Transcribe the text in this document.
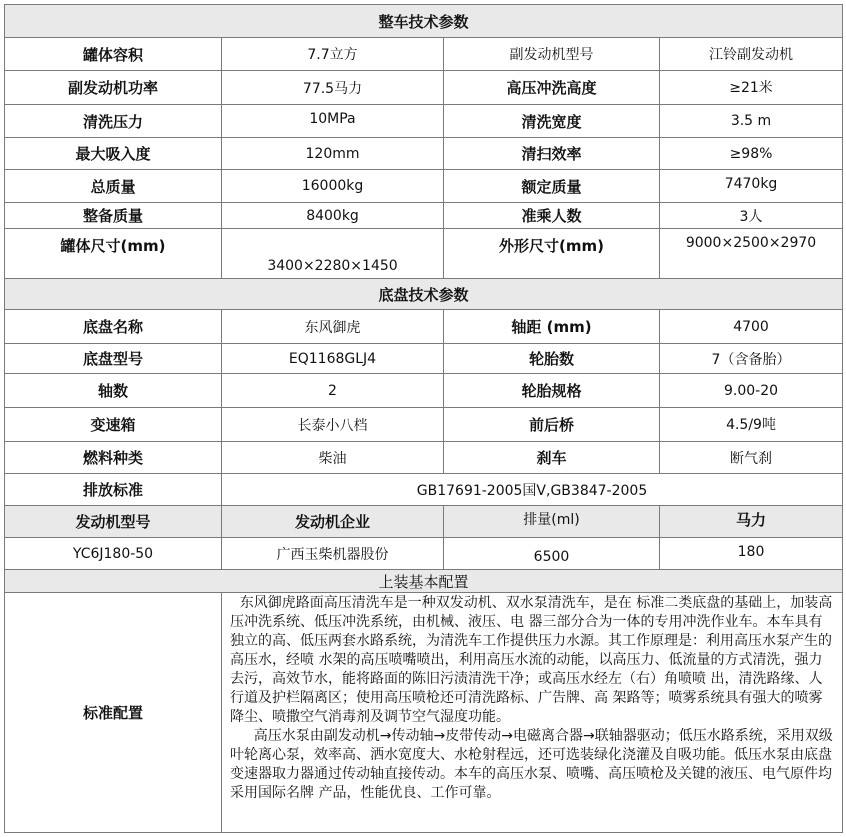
整车技术参数			
罐体容积	7.7立方	副发动机型号	江铃副发动机
副发动机功率	77.5马力	高压冲洗高度	≥21米
清洗压力	10MPa	清洗宽度	3.5 m
最大吸入度	120mm	清扫效率	≥98%
总质量	16000kg	额定质量	7470kg
整备质量	8400kg	准乘人数	3人
罐体尺寸(mm)	3400×2280×1450	外形尺寸(mm)	9000×2500×2970
底盘技术参数			
底盘名称	东风御虎	轴距 (mm)	4700
底盘型号	EQ1168GLJ4	轮胎数	7（含备胎）
轴数	2	轮胎规格	9.00-20
变速箱	长泰小八档	前后桥	4.5/9吨
燃料种类	柴油	刹车	断气刹
排放标准	GB17691-2005国Ⅴ,GB3847-2005		
发动机型号	发动机企业	排量(ml)	马力
YC6J180-50	广西玉柴机器股份	6500	180
上装基本配置			
标准配置	东风御虎路面高压清洗车是一种双发动机、双水泵清洗车，是在 标准二类底盘的基础上，加装高压冲洗系统、低压冲洗系统，由机械、液压、电 器三部分合为一体的专用冲洗作业车。本车具有独立的高、低压两套水路系统，为清洗车工作提供压力水源。其工作原理是：利用高压水泵产生的高压水，经喷 水架的高压喷嘴喷出，利用高压水流的动能，以高压力、低流量的方式清洗，强力去污，高效节水，能将路面的陈旧污渍清洗干净；或高压水经左（右）角喷喷 出，清洗路缘、人行道及护栏隔离区；使用高压喷枪还可清洗路标、广告牌、高 架路等；喷雾系统具有强大的喷雾降尘、喷撒空气消毒剂及调节空气湿度功能。

高压水泵由副发动机→传动轴→皮带传动→电磁离合器→联轴器驱动；低压水路系统，采用双级叶轮离心泵，效率高、洒水宽度大、水枪射程远，还可选装绿化浇灌及自吸功能。低压水泵由底盘变速器取力器通过传动轴直接传动。本车的高压水泵、喷嘴、高压喷枪及关键的液压、电气原件均采用国际名牌 产品，性能优良、工作可靠。		
